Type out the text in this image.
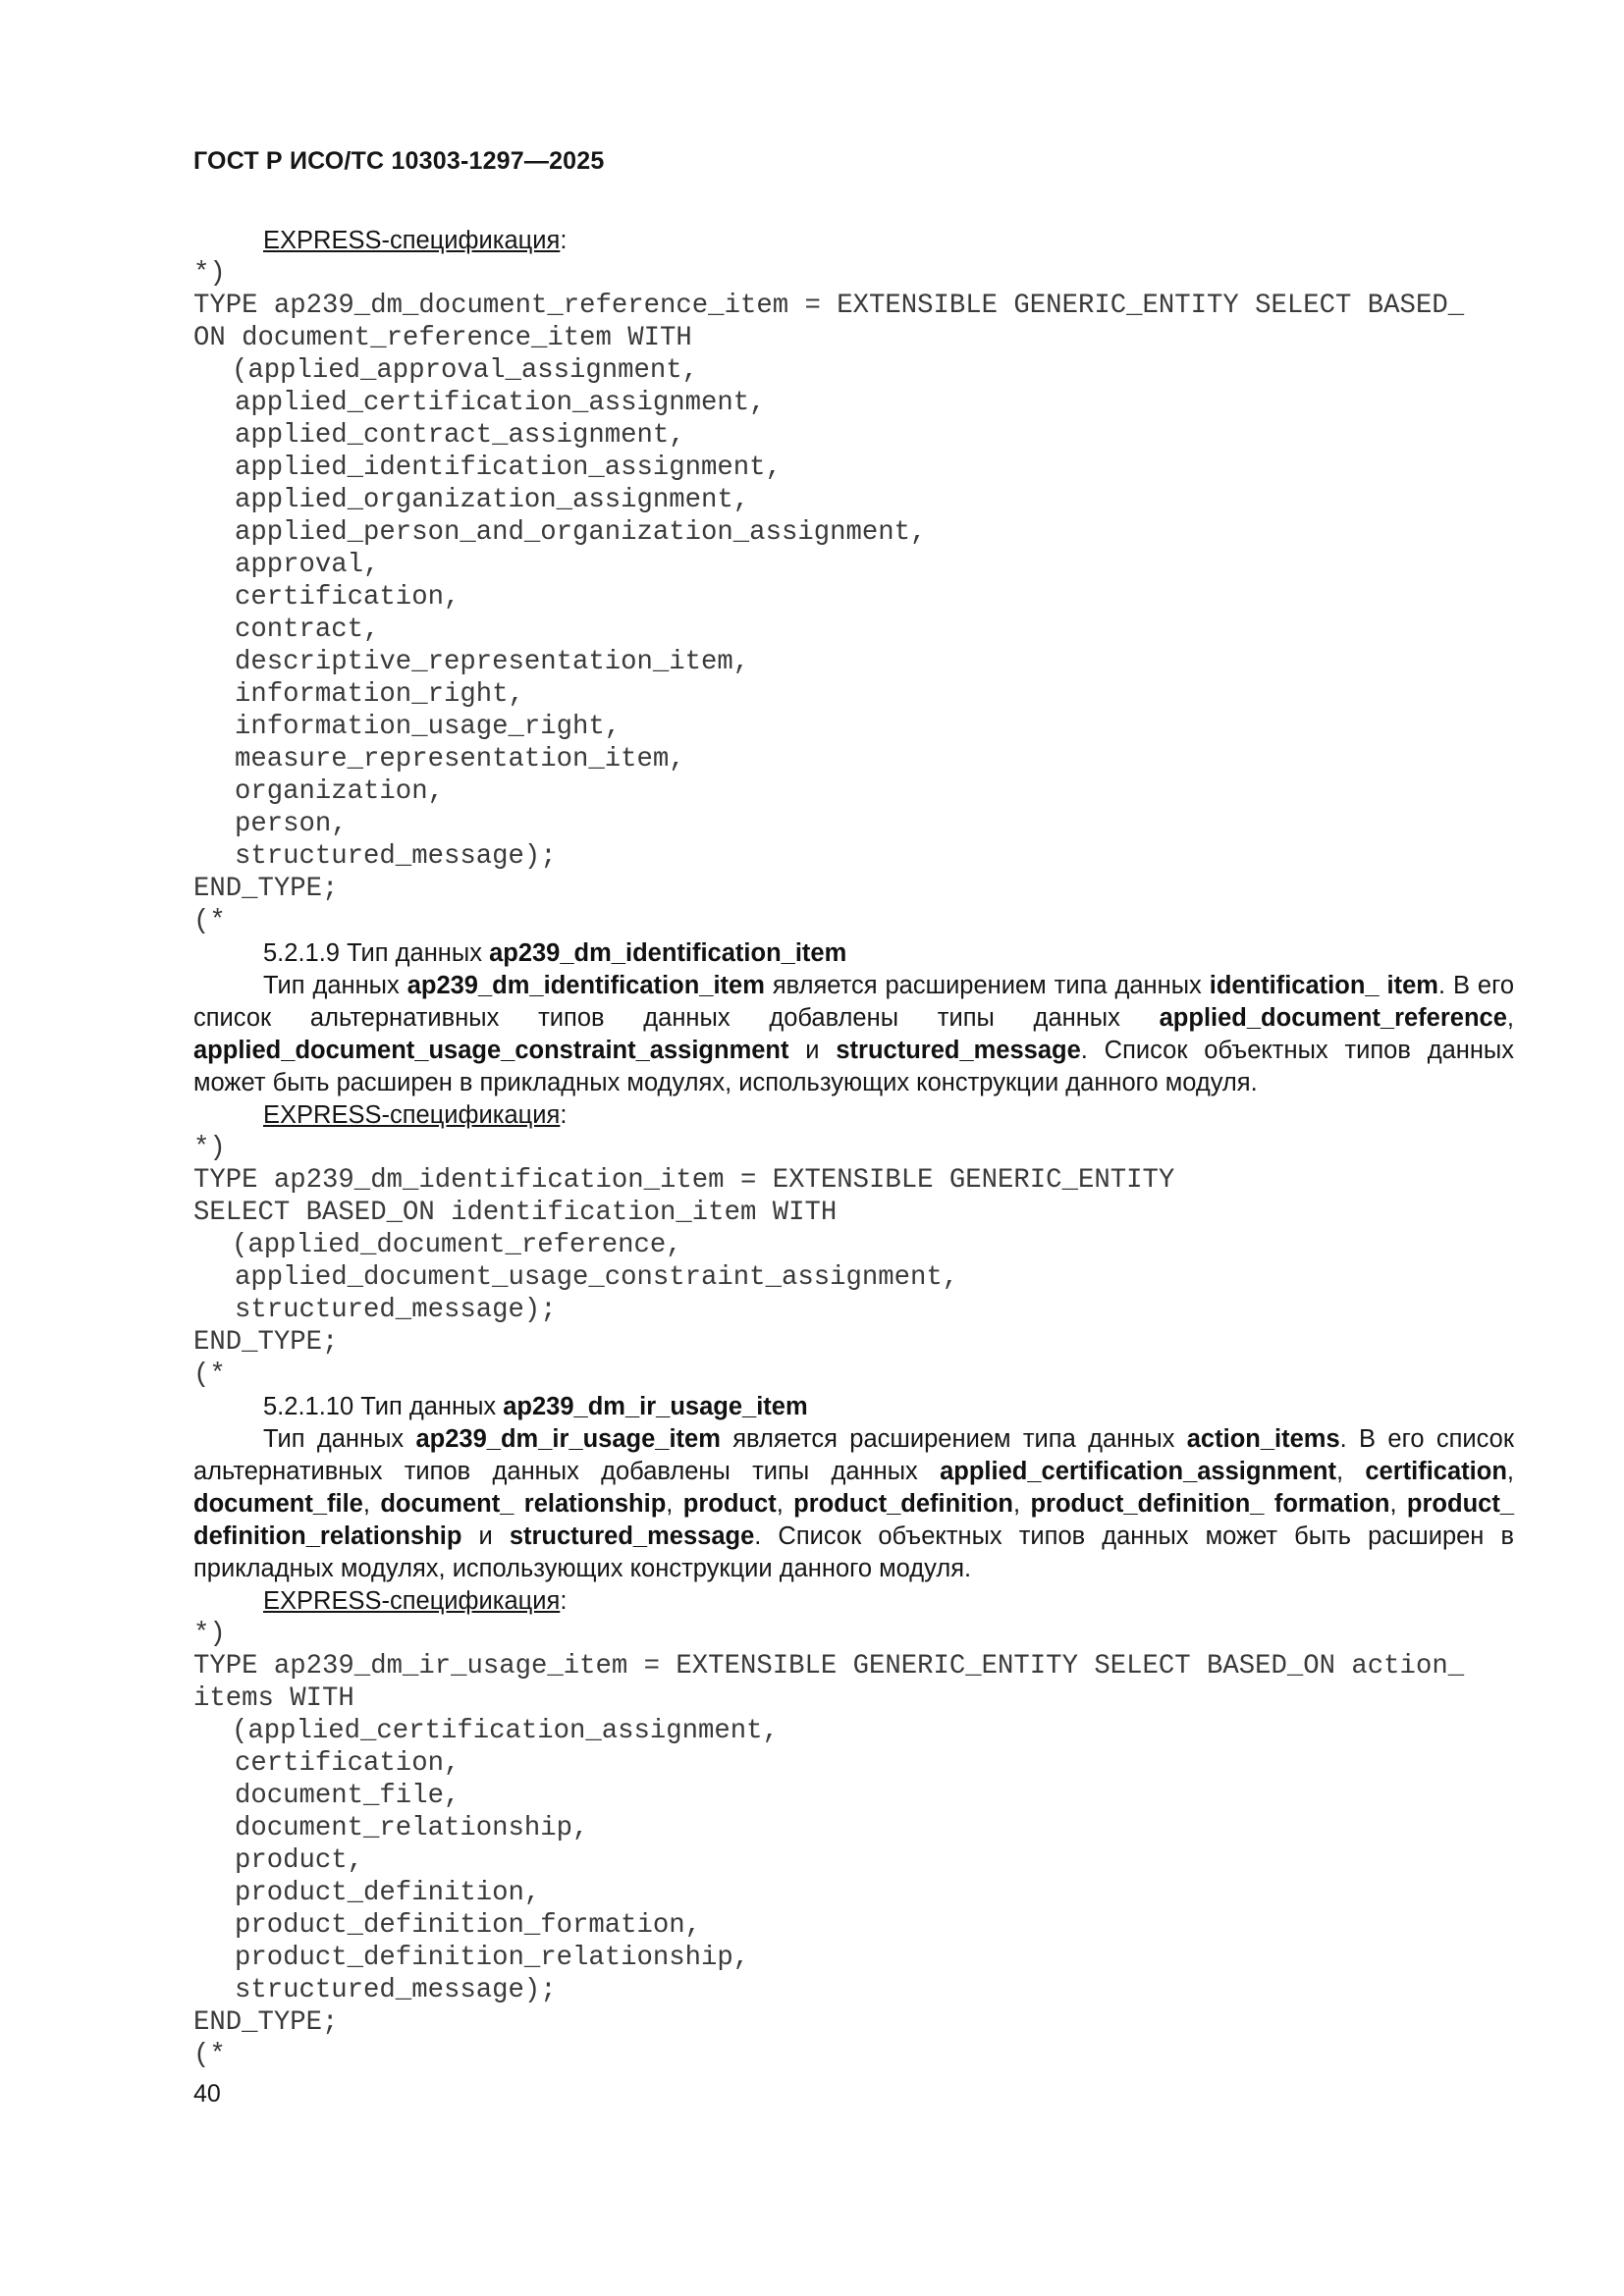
ГОСТ Р ИСО/ТС 10303-1297—2025
EXPRESS-спецификация:
*)
TYPE ap239_dm_document_reference_item = EXTENSIBLE GENERIC_ENTITY SELECT BASED_
ON document_reference_item WITH
(applied_approval_assignment,
applied_certification_assignment,
applied_contract_assignment,
applied_identification_assignment,
applied_organization_assignment,
applied_person_and_organization_assignment,
approval,
certification,
contract,
descriptive_representation_item,
information_right,
information_usage_right,
measure_representation_item,
organization,
person,
structured_message);
END_TYPE;
(*
5.2.1.9 Тип данных ap239_dm_identification_item

Тип данных ap239_dm_identification_item является расширением типа данных identification_ item. В его список альтернативных типов данных добавлены типы данных applied_document_reference, applied_document_usage_constraint_assignment и structured_message. Список объектных типов данных может быть расширен в прикладных модулях, использующих конструкции данного модуля.

EXPRESS-спецификация:
*)
TYPE ap239_dm_identification_item = EXTENSIBLE GENERIC_ENTITY
SELECT BASED_ON identification_item WITH
(applied_document_reference,
applied_document_usage_constraint_assignment,
structured_message);
END_TYPE;
(*
5.2.1.10 Тип данных ap239_dm_ir_usage_item

Тип данных ap239_dm_ir_usage_item является расширением типа данных action_items. В его список альтернативных типов данных добавлены типы данных applied_certification_assignment, certification, document_file, document_ relationship, product, product_definition, product_definition_ formation, product_ definition_relationship и structured_message. Список объектных типов данных может быть расширен в прикладных модулях, использующих конструкции данного модуля.

EXPRESS-спецификация:
*)
TYPE ap239_dm_ir_usage_item = EXTENSIBLE GENERIC_ENTITY SELECT BASED_ON action_
items WITH
(applied_certification_assignment,
certification,
document_file,
document_relationship,
product,
product_definition,
product_definition_formation,
product_definition_relationship,
structured_message);
END_TYPE;
(*
40
